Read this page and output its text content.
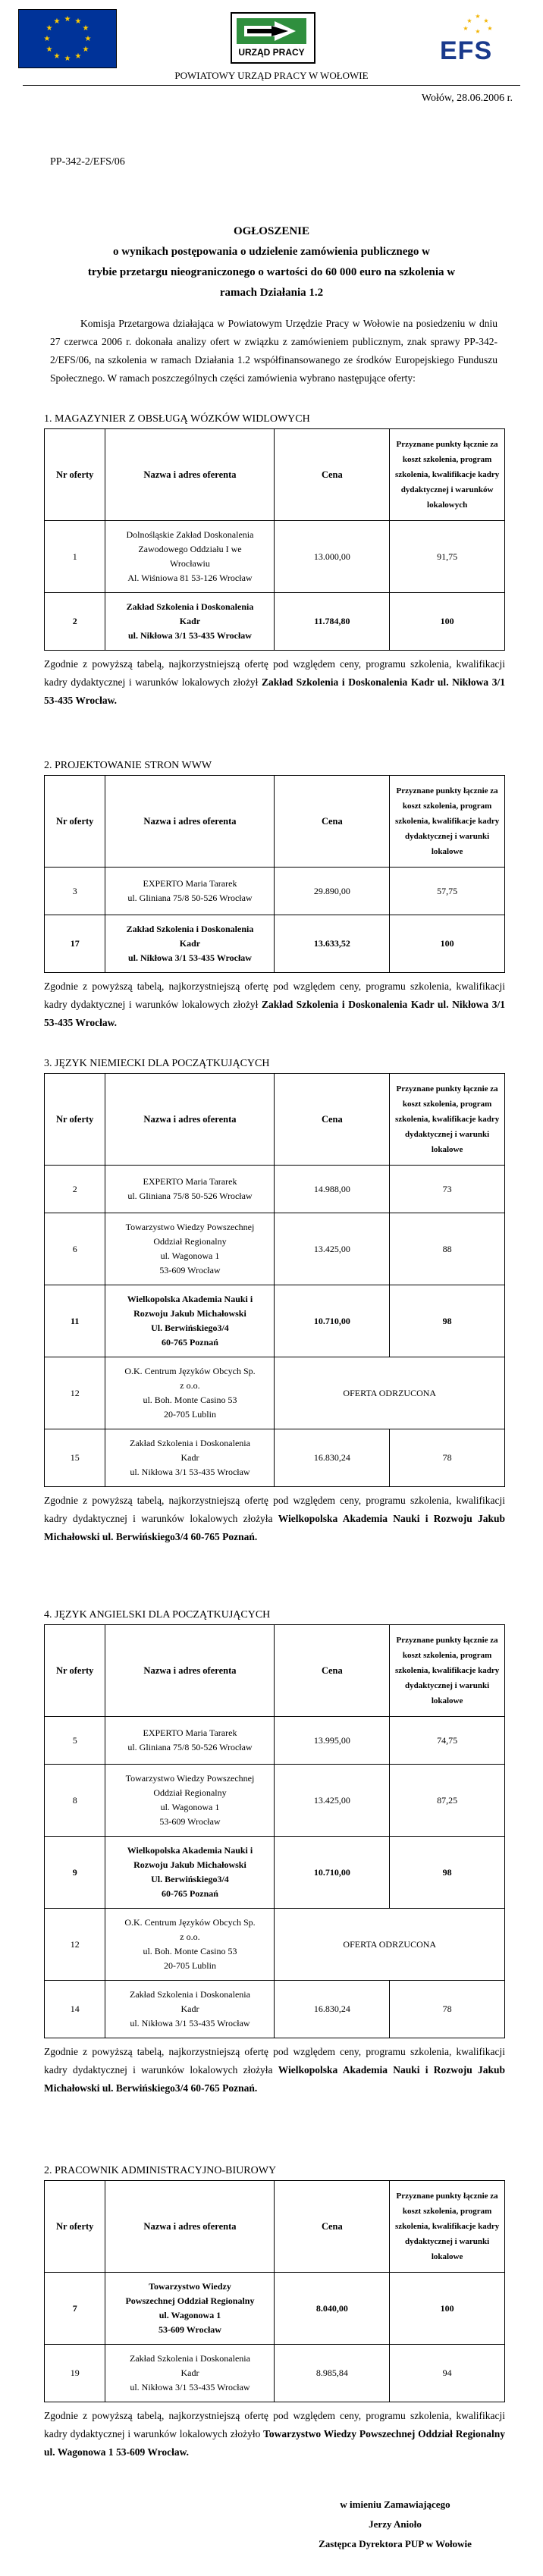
★ ★
★
★
★
★
★
★
★
★
★
★
URZĄD PRACY
★
★ ★
★	★
★
EFS
POWIATOWY URZĄD PRACY W WOŁOWIE
Wołów, 28.06.2006 r.
PP-342-2/EFS/06
OGŁOSZENIE
o wynikach postępowania o udzielenie zamówienia publicznego w
trybie przetargu nieograniczonego o wartości do 60 000 euro na szkolenia w
ramach Działania 1.2
Komisja Przetargowa działająca w Powiatowym Urzędzie Pracy w Wołowie na posiedzeniu w dniu 27 czerwca 2006 r. dokonała analizy ofert w związku z zamówieniem publicznym, znak sprawy PP-342-2/EFS/06, na szkolenia w ramach Działania 1.2 współfinansowanego ze środków Europejskiego Funduszu Społecznego. W ramach poszczególnych części zamówienia wybrano następujące oferty:
1. MAGAZYNIER Z OBSŁUGĄ WÓZKÓW WIDLOWYCH
Nr oferty	Nazwa i adres oferenta	Cena	Przyznane punkty łącznie za koszt szkolenia, program szkolenia, kwalifikacje kadry dydaktycznej i warunków lokalowych
1	Dolnośląskie Zakład Doskonalenia
Zawodowego Oddziału I we
Wrocławiu
Al. Wiśniowa 81 53-126 Wrocław	13.000,00	91,75
2	Zakład Szkolenia i Doskonalenia
Kadr
ul. Nikłowa 3/1 53-435 Wrocław	11.784,80	100
Zgodnie z powyższą tabelą, najkorzystniejszą ofertę pod względem ceny, programu szkolenia, kwalifikacji kadry dydaktycznej i warunków lokalowych złożył Zakład Szkolenia i Doskonalenia Kadr ul. Nikłowa 3/1 53-435 Wrocław.
2. PROJEKTOWANIE STRON WWW
Nr oferty	Nazwa i adres oferenta	Cena	Przyznane punkty łącznie za koszt szkolenia, program szkolenia, kwalifikacje kadry dydaktycznej i warunki lokalowe
3	EXPERTO Maria Tararek
ul. Gliniana 75/8 50-526 Wrocław	29.890,00	57,75
17	Zakład Szkolenia i Doskonalenia
Kadr
ul. Nikłowa 3/1 53-435 Wrocław	13.633,52	100
Zgodnie z powyższą tabelą, najkorzystniejszą ofertę pod względem ceny, programu szkolenia, kwalifikacji kadry dydaktycznej i warunków lokalowych złożył Zakład Szkolenia i Doskonalenia Kadr ul. Nikłowa 3/1 53-435 Wrocław.
3. JĘZYK NIEMIECKI DLA POCZĄTKUJĄCYCH
Nr oferty	Nazwa i adres oferenta	Cena	Przyznane punkty łącznie za koszt szkolenia, program szkolenia, kwalifikacje kadry dydaktycznej i warunki lokalowe
2	EXPERTO Maria Tararek
ul. Gliniana 75/8 50-526 Wrocław	14.988,00	73
6	Towarzystwo Wiedzy Powszechnej
Oddział Regionalny
ul. Wagonowa 1
53-609 Wrocław	13.425,00	88
11	Wielkopolska Akademia Nauki i
Rozwoju Jakub Michałowski
Ul. Berwińskiego3/4
60-765 Poznań	10.710,00	98
12	O.K. Centrum Języków Obcych Sp.
z o.o.
ul. Boh. Monte Casino 53
20-705 Lublin	OFERTA ODRZUCONA	
15	Zakład Szkolenia i Doskonalenia
Kadr
ul. Nikłowa 3/1 53-435 Wrocław	16.830,24	78
Zgodnie z powyższą tabelą, najkorzystniejszą ofertę pod względem ceny, programu szkolenia, kwalifikacji kadry dydaktycznej i warunków lokalowych złożyła Wielkopolska Akademia Nauki i Rozwoju Jakub Michałowski ul. Berwińskiego3/4 60-765 Poznań.
4. JĘZYK ANGIELSKI DLA POCZĄTKUJĄCYCH
Nr oferty	Nazwa i adres oferenta	Cena	Przyznane punkty łącznie za koszt szkolenia, program szkolenia, kwalifikacje kadry dydaktycznej i warunki lokalowe
5	EXPERTO Maria Tararek
ul. Gliniana 75/8 50-526 Wrocław	13.995,00	74,75
8	Towarzystwo Wiedzy Powszechnej
Oddział Regionalny
ul. Wagonowa 1
53-609 Wrocław	13.425,00	87,25
9	Wielkopolska Akademia Nauki i
Rozwoju Jakub Michałowski
Ul. Berwińskiego3/4
60-765 Poznań	10.710,00	98
12	O.K. Centrum Języków Obcych Sp.
z o.o.
ul. Boh. Monte Casino 53
20-705 Lublin	OFERTA ODRZUCONA	
14	Zakład Szkolenia i Doskonalenia
Kadr
ul. Nikłowa 3/1 53-435 Wrocław	16.830,24	78
Zgodnie z powyższą tabelą, najkorzystniejszą ofertę pod względem ceny, programu szkolenia, kwalifikacji kadry dydaktycznej i warunków lokalowych złożyła Wielkopolska Akademia Nauki i Rozwoju Jakub Michałowski ul. Berwińskiego3/4 60-765 Poznań.
2. PRACOWNIK ADMINISTRACYJNO-BIUROWY
Nr oferty	Nazwa i adres oferenta	Cena	Przyznane punkty łącznie za koszt szkolenia, program szkolenia, kwalifikacje kadry dydaktycznej i warunki lokalowe
7	Towarzystwo Wiedzy
Powszechnej Oddział Regionalny
ul. Wagonowa 1
53-609 Wrocław	8.040,00	100
19	Zakład Szkolenia i Doskonalenia
Kadr
ul. Nikłowa 3/1 53-435 Wrocław	8.985,84	94
Zgodnie z powyższą tabelą, najkorzystniejszą ofertę pod względem ceny, programu szkolenia, kwalifikacji kadry dydaktycznej i warunków lokalowych złożyło Towarzystwo Wiedzy Powszechnej Oddział Regionalny ul. Wagonowa 1 53-609 Wrocław.
w imieniu Zamawiającego
Jerzy Anioło
Zastępca Dyrektora PUP w Wołowie
